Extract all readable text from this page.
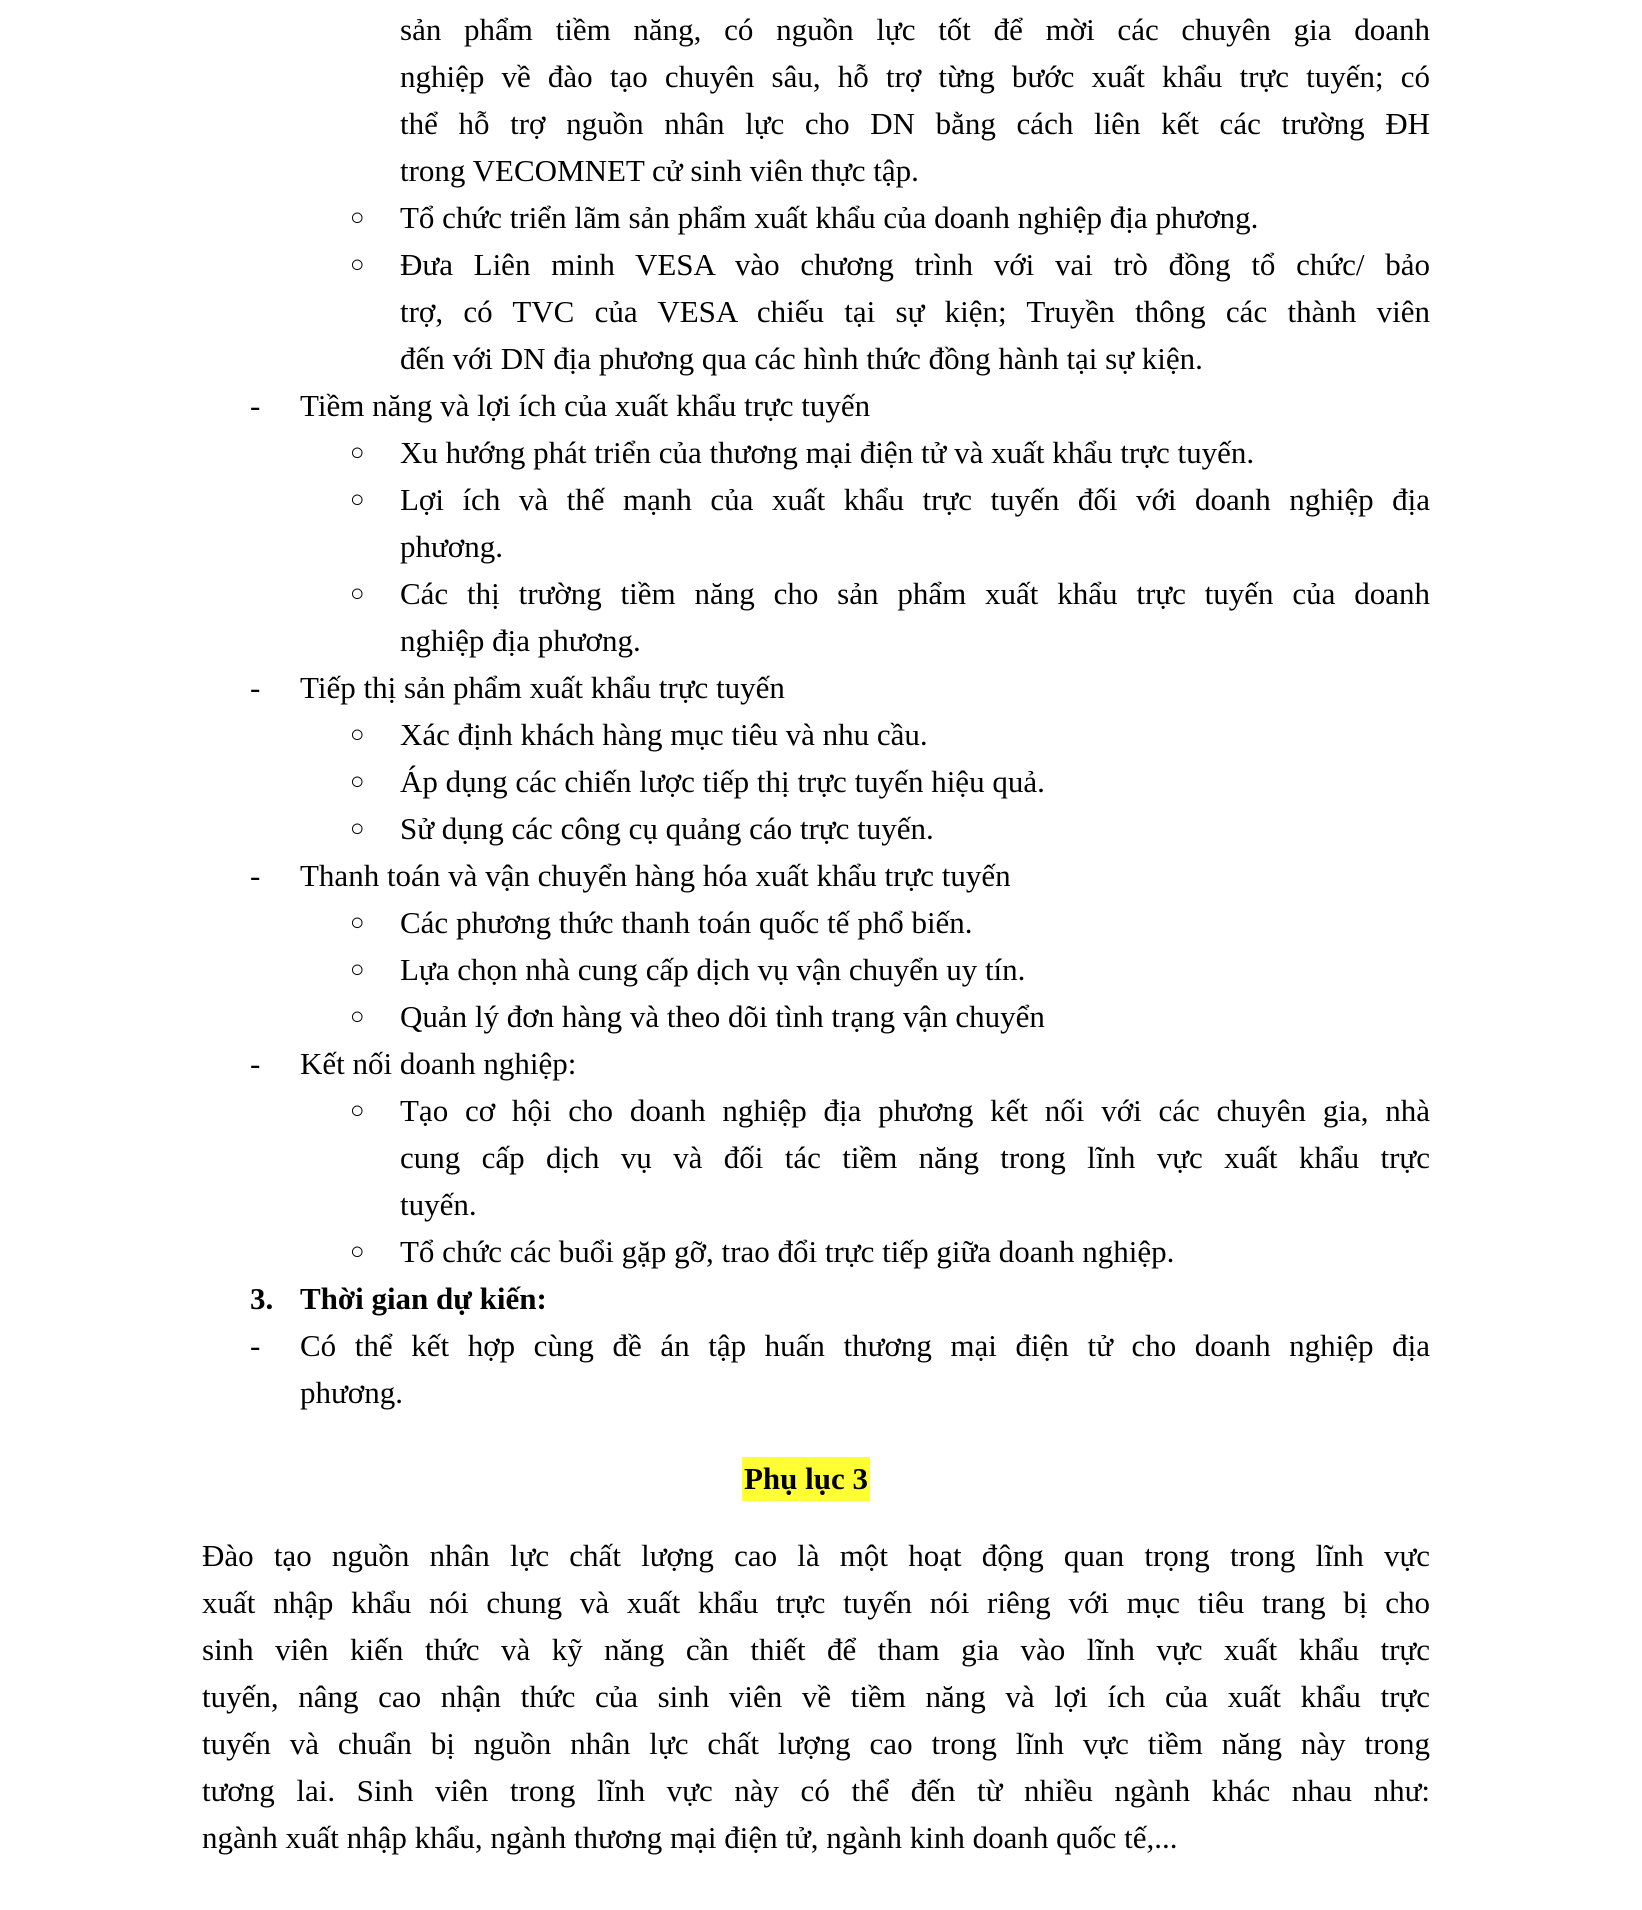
sản phẩm tiềm năng, có nguồn lực tốt để mời các chuyên gia doanh
nghiệp về đào tạo chuyên sâu, hỗ trợ từng bước xuất khẩu trực tuyến; có
thể hỗ trợ nguồn nhân lực cho DN bằng cách liên kết các trường ĐH
trong VECOMNET cử sinh viên thực tập.
○ Tổ chức triển lãm sản phẩm xuất khẩu của doanh nghiệp địa phương.
○ Đưa Liên minh VESA vào chương trình với vai trò đồng tổ chức/ bảo
trợ, có TVC của VESA chiếu tại sự kiện; Truyền thông các thành viên
đến với DN địa phương qua các hình thức đồng hành tại sự kiện.
- Tiềm năng và lợi ích của xuất khẩu trực tuyến
○ Xu hướng phát triển của thương mại điện tử và xuất khẩu trực tuyến.
○ Lợi ích và thế mạnh của xuất khẩu trực tuyến đối với doanh nghiệp địa
phương.
○ Các thị trường tiềm năng cho sản phẩm xuất khẩu trực tuyến của doanh
nghiệp địa phương.
- Tiếp thị sản phẩm xuất khẩu trực tuyến
○ Xác định khách hàng mục tiêu và nhu cầu.
○ Áp dụng các chiến lược tiếp thị trực tuyến hiệu quả.
○ Sử dụng các công cụ quảng cáo trực tuyến.
- Thanh toán và vận chuyển hàng hóa xuất khẩu trực tuyến
○ Các phương thức thanh toán quốc tế phổ biến.
○ Lựa chọn nhà cung cấp dịch vụ vận chuyển uy tín.
○ Quản lý đơn hàng và theo dõi tình trạng vận chuyển
- Kết nối doanh nghiệp:
○ Tạo cơ hội cho doanh nghiệp địa phương kết nối với các chuyên gia, nhà
cung cấp dịch vụ và đối tác tiềm năng trong lĩnh vực xuất khẩu trực
tuyến.
○ Tổ chức các buổi gặp gỡ, trao đổi trực tiếp giữa doanh nghiệp.
3. Thời gian dự kiến:
- Có thể kết hợp cùng đề án tập huấn thương mại điện tử cho doanh nghiệp địa
phương.
Phụ lục 3
Đào tạo nguồn nhân lực chất lượng cao là một hoạt động quan trọng trong lĩnh vực
xuất nhập khẩu nói chung và xuất khẩu trực tuyến nói riêng với mục tiêu trang bị cho
sinh viên kiến thức và kỹ năng cần thiết để tham gia vào lĩnh vực xuất khẩu trực
tuyến, nâng cao nhận thức của sinh viên về tiềm năng và lợi ích của xuất khẩu trực
tuyến và chuẩn bị nguồn nhân lực chất lượng cao trong lĩnh vực tiềm năng này trong
tương lai. Sinh viên trong lĩnh vực này có thể đến từ nhiều ngành khác nhau như:
ngành xuất nhập khẩu, ngành thương mại điện tử, ngành kinh doanh quốc tế,...
